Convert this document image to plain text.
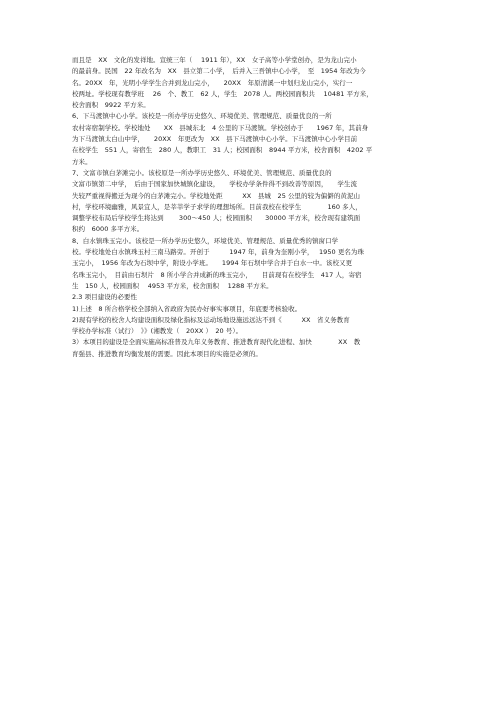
而且是　XX　文化的发祥地。宣统三年（　 1911 年），XX　女子高等小学堂创办，是为龙山完小
的最前身。民国　22 年改名为　XX　县立第二小学，　后并入三吾镇中心小学，　至　1954 年改为今
名。20XX　年，光明小学学生合并到龙山完小，　　20XX　年原清溪一中划归龙山完小，实行一
校两址。学校现有教学班　 26　个、教工　62 人，学生　2078 人。两校园面积共　 10481 平方米，
校舍面积　9922 平方米。
6、下马渡镇中心小学。该校是一所办学历史悠久、环境优美、管理规范、质量优良的一所
农村寄宿制学校。学校地处　　XX　县城东北　4 公里的下马渡镇。学校创办于　　1967 年，其前身
为下马渡镇太白山中学，　　20XX　年更改为　XX　县下马渡镇中心小学。下马渡镇中心小学目前
在校学生　551 人，寄宿生　280 人，教职工　31 人；校园面积　8944 平方米，校舍面积　4202 平
方米。
7、文富市镇白茅滩完小。该校原是一所办学历史悠久、环境优美、管理规范、质量优良的
文富市镇第二中学，　后由于国家加快城镇化建设，　　学校办学条件得不到改善等原因，　　学生流
失较严重视得搬迁为现今的白茅滩完小。学校地处距　　　XX　县城　25 公里的较为偏僻的黄泥山
村，学校环境幽雅，风景宜人，是莘莘学子求学的理想场所。目前我校在校学生　　　　160 多人，
调整学校布局后学校学生将达到　　 300～450 人；校园面积　　30000 平方米，校舍现有建筑面
积约　6000 多平方米。
8、白水镇珠玉完小。该校是一所办学历史悠久，环境优美、管理规范、质量优秀的镇窗口学
校。学校地处白水镇珠玉村三南马路旁。开创于　　　1947 年，前身为奎刚小学，　 1950 更名为珠
玉完小，　1956 年改为石坝中学，附设小学班。　　1994 年石坝中学合并于白水一中。该校又更
名珠玉完小，　目前由石坝片　8 所小学合并成新的珠玉完小，　　目前现有在校学生　417 人，寄宿
生　150 人，校园面积　 4953 平方米，校舍面积　 1288 平方米。
2.3 项目建设的必要性
1)上述　8 所合格学校全部纳入省政府为民办好事实事项目，年底要考核验收。
2)现有学校的校舍人均建设面积及绿化指标及运动场地设施远远达不到《　　　XX　省义务教育
学校办学标准（试行）　》》(湘教发（　20XX ）　20 号）。
3）本项目的建设是全面实施高标准普及九年义务教育、推进教育现代化进程、加快　　　　XX　教
育强县、推进教育均衡发展的需要。因此本项目的实施是必须的。
